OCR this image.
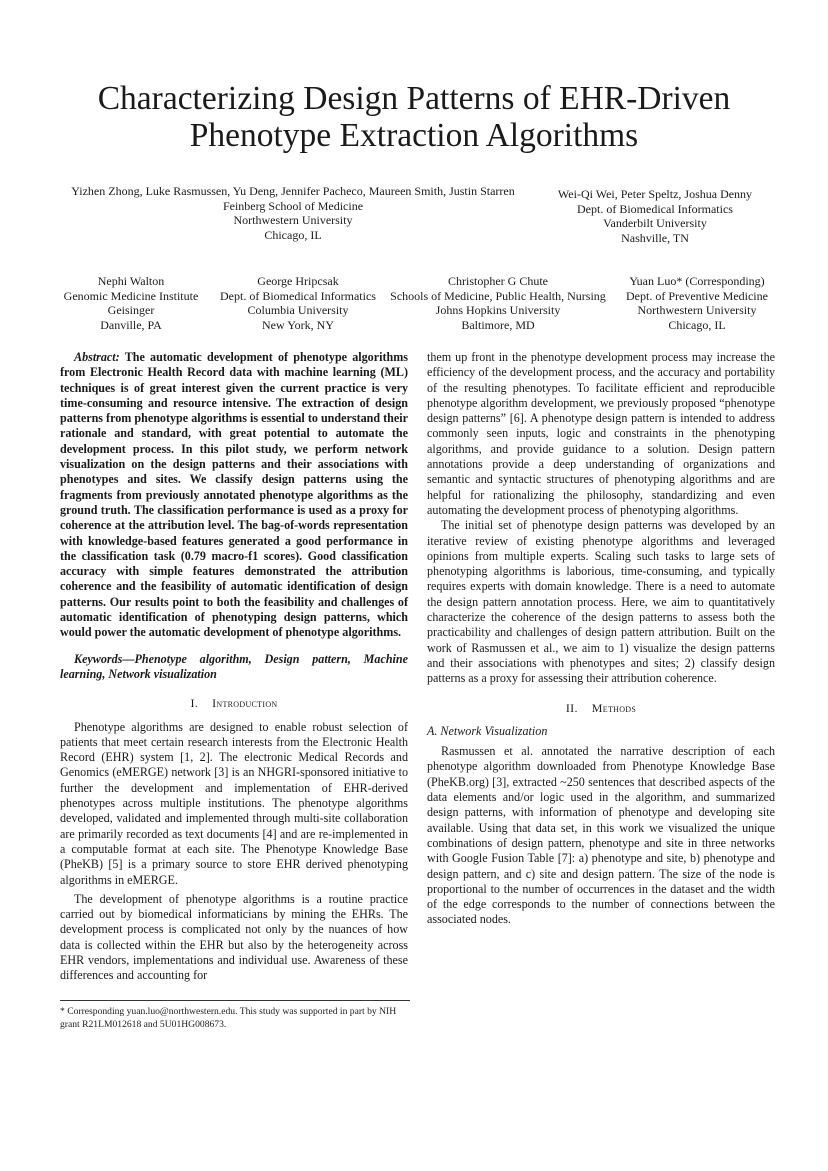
Characterizing Design Patterns of EHR-Driven
Phenotype Extraction Algorithms
Yizhen Zhong, Luke Rasmussen, Yu Deng, Jennifer Pacheco, Maureen Smith, Justin Starren
Feinberg School of Medicine
Northwestern University
Chicago, IL
Wei-Qi Wei, Peter Speltz, Joshua Denny
Dept. of Biomedical Informatics
Vanderbilt University
Nashville, TN
Nephi Walton
Genomic Medicine Institute
Geisinger
Danville, PA
George Hripcsak
Dept. of Biomedical Informatics
Columbia University
New York, NY
Christopher G Chute
Schools of Medicine, Public Health, Nursing
Johns Hopkins University
Baltimore, MD
Yuan Luo* (Corresponding)
Dept. of Preventive Medicine
Northwestern University
Chicago, IL

Abstract: The automatic development of phenotype algorithms from Electronic Health Record data with machine learning (ML) techniques is of great interest given the current practice is very time-consuming and resource intensive. The extraction of design patterns from phenotype algorithms is essential to understand their rationale and standard, with great potential to automate the development process. In this pilot study, we perform network visualization on the design patterns and their associations with phenotypes and sites. We classify design patterns using the fragments from previously annotated phenotype algorithms as the ground truth. The classification performance is used as a proxy for coherence at the attribution level. The bag-of-words representation with knowledge-based features generated a good performance in the classification task (0.79 macro-f1 scores). Good classification accuracy with simple features demonstrated the attribution coherence and the feasibility of automatic identification of design patterns. Our results point to both the feasibility and challenges of automatic identification of phenotyping design patterns, which would power the automatic development of phenotype algorithms.

Keywords—Phenotype algorithm, Design pattern, Machine learning, Network visualization

I. Introduction

Phenotype algorithms are designed to enable robust selection of patients that meet certain research interests from the Electronic Health Record (EHR) system [1, 2]. The electronic Medical Records and Genomics (eMERGE) network [3] is an NHGRI-sponsored initiative to further the development and implementation of EHR-derived phenotypes across multiple institutions. The phenotype algorithms developed, validated and implemented through multi-site collaboration are primarily recorded as text documents [4] and are re-implemented in a computable format at each site. The Phenotype Knowledge Base (PheKB) [5] is a primary source to store EHR derived phenotyping algorithms in eMERGE.

The development of phenotype algorithms is a routine practice carried out by biomedical informaticians by mining the EHRs. The development process is complicated not only by the nuances of how data is collected within the EHR but also by the heterogeneity across EHR vendors, implementations and individual use. Awareness of these differences and accounting for

them up front in the phenotype development process may increase the efficiency of the development process, and the accuracy and portability of the resulting phenotypes. To facilitate efficient and reproducible phenotype algorithm development, we previously proposed “phenotype design patterns” [6]. A phenotype design pattern is intended to address commonly seen inputs, logic and constraints in the phenotyping algorithms, and provide guidance to a solution. Design pattern annotations provide a deep understanding of organizations and semantic and syntactic structures of phenotyping algorithms and are helpful for rationalizing the philosophy, standardizing and even automating the development process of phenotyping algorithms.

The initial set of phenotype design patterns was developed by an iterative review of existing phenotype algorithms and leveraged opinions from multiple experts. Scaling such tasks to large sets of phenotyping algorithms is laborious, time-consuming, and typically requires experts with domain knowledge. There is a need to automate the design pattern annotation process. Here, we aim to quantitatively characterize the coherence of the design patterns to assess both the practicability and challenges of design pattern attribution. Built on the work of Rasmussen et al., we aim to 1) visualize the design patterns and their associations with phenotypes and sites; 2) classify design patterns as a proxy for assessing their attribution coherence.

II. Methods

A. Network Visualization

Rasmussen et al. annotated the narrative description of each phenotype algorithm downloaded from Phenotype Knowledge Base (PheKB.org) [3], extracted ~250 sentences that described aspects of the data elements and/or logic used in the algorithm, and summarized design patterns, with information of phenotype and developing site available. Using that data set, in this work we visualized the unique combinations of design pattern, phenotype and site in three networks with Google Fusion Table [7]: a) phenotype and site, b) phenotype and design pattern, and c) site and design pattern. The size of the node is proportional to the number of occurrences in the dataset and the width of the edge corresponds to the number of connections between the associated nodes.

* Corresponding yuan.luo@northwestern.edu. This study was supported in part by NIH grant R21LM012618 and 5U01HG008673.
